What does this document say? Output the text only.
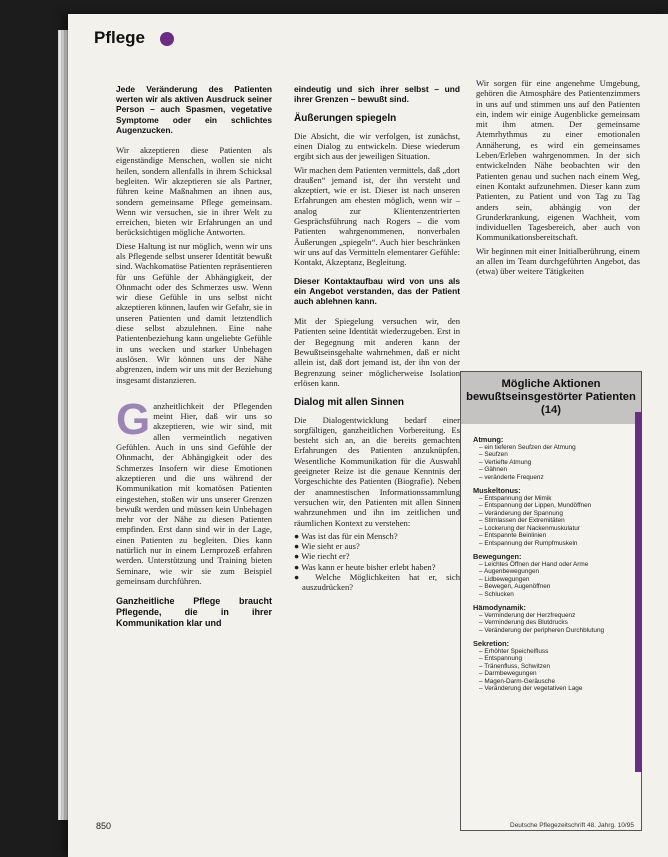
Pflege
Jede Veränderung des Patienten werten wir als aktiven Ausdruck seiner Person – auch Spasmen, vegetative Symptome oder ein schlichtes Augenzucken.

Wir akzeptieren diese Patienten als eigenständige Menschen, wollen sie nicht heilen, sondern allenfalls in ihrem Schicksal begleiten. Wir akzeptieren sie als Partner, führen keine Maßnahmen an ihnen aus, sondern gemeinsame Pflege gemeinsam. Wenn wir versuchen, sie in ihrer Welt zu erreichen, bieten wir Erfahrungen an und berücksichtigen mögliche Antworten.

Diese Haltung ist nur möglich, wenn wir uns als Pflegende selbst unserer Identität bewußt sind. Wachkomatöse Patienten repräsentieren für uns Gefühle der Abhängigkeit, der Ohnmacht oder des Schmerzes usw. Wenn wir diese Gefühle in uns selbst nicht akzeptieren können, laufen wir Gefahr, sie in unseren Patienten und damit letztendlich diese selbst abzulehnen. Eine nahe Patientenbeziehung kann ungeliebte Gefühle in uns wecken und starker Unbehagen auslösen. Wir können uns der Nähe abgrenzen, indem wir uns mit der Beziehung insgesamt distanzieren.

G anzheitlichkeit der Pflegenden meint Hier, daß wir uns so akzeptieren, wie wir sind, mit allen vermeintlich negativen Gefühlen. Auch in uns sind Gefühle der Ohnmacht, der Abhängigkeit oder des Schmerzes Insofern wir diese Emotionen akzeptieren und die uns während der Kommunikation mit komatösen Patienten eingestehen, stoßen wir uns unserer Grenzen bewußt werden und müssen kein Unbehagen mehr vor der Nähe zu diesen Patienten empfinden. Erst dann sind wir in der Lage, einen Patienten zu begleiten. Dies kann natürlich nur in einem Lernprozeß erfahren werden. Unterstützung und Training bieten Seminare, wie wir sie zum Beispiel gemeinsam durchführen.
Ganzheitliche Pflege braucht Pflegende, die in ihrer Kommunikation klar und
eindeutig und sich ihrer selbst – und ihrer Grenzen – bewußt sind.
Äußerungen spiegeln

Die Absicht, die wir verfolgen, ist zunächst, einen Dialog zu entwickeln. Diese wiederum ergibt sich aus der jeweiligen Situation.

Wir machen dem Patienten vermittels, daß „dort draußen“ jemand ist, der ihn versteht und akzeptiert, wie er ist. Dieser ist nach unseren Erfahrungen am ehesten möglich, wenn wir – analog zur Klientenzentrierten Gesprächsführung nach Rogers – die vom Patienten wahrgenommenen, nonverbalen Äußerungen „spiegeln“. Auch hier beschränken wir uns auf das Vermitteln elementarer Gefühle: Kontakt, Akzeptanz, Begleitung.

Dieser Kontaktaufbau wird von uns als ein Angebot verstanden, das der Patient auch ablehnen kann.

Mit der Spiegelung versuchen wir, den Patienten seine Identität wiederzugeben. Erst in der Begegnung mit anderen kann der Bewußtseinsgehalte wahrnehmen, daß er nicht allein ist, daß dort jemand ist, der ihn von der Begrenzung seiner möglicherweise Isolation erlösen kann.

Dialog mit allen Sinnen

Die Dialogentwicklung bedarf einer sorgfältigen, ganzheitlichen Vorbereitung. Es besteht sich an, an die bereits gemachten Erfahrungen des Patienten anzuknüpfen. Wesentliche Kommunikation für die Auswahl geeigneter Reize ist die genaue Kenntnis der Vorgeschichte des Patienten (Biografie). Neben der anamnestischen Informationssammlung versuchen wir, den Patienten mit allen Sinnen wahrzunehmen und ihn im zeitlichen und räumlichen Kontext zu verstehen:

● Was ist das für ein Mensch?
● Wie sieht er aus?
● Wie riecht er?
● Was kann er heute bisher erlebt haben?
● Welche Möglichkeiten hat er, sich auszudrücken?

Wir sorgen für eine angenehme Umgebung, gehören die Atmosphäre des Patientenzimmers in uns auf und stimmen uns auf den Patienten ein, indem wir einige Augenblicke gemeinsam mit ihm atmen. Der gemeinsame Atemrhythmus zu einer emotionalen Annäherung, es wird ein gemeinsames Leben/Erleben wahrgenommen. In der sich entwickelnden Nähe beobachten wir den Patienten genau und suchen nach einem Weg, einen Kontakt aufzunehmen. Dieser kann zum Patienten, zu Patient und von Tag zu Tag anders sein, abhängig von der Grunderkrankung, eigenen Wachheit, vom individuellen Tagesbereich, aber auch von Kommunikationsbereitschaft.

Wir beginnen mit einer Initialberührung, einem an allen im Team durchgeführten Angebot, das (etwa) über weitere Tätigkeiten

Mögliche Aktionen bewußtseinsgestörter Patienten (14)
Atmung:
– ein tieferen Seufzen der Atmung
– Seufzen
– Vertiefte Atmung
– Gähnen
– veränderte Frequenz
Muskeltonus:
– Entspannung der Mimik
– Entspannung der Lippen, Mundöffnen
– Veränderung der Spannung
– Stirnlassen der Extremitäten
– Lockerung der Nackenmuskulatur
– Entspannte Beinlinien
– Entspannung der Rumpfmuskeln
Bewegungen:
– Leichtes Öffnen der Hand oder Arme
– Augenbewegungen
– Lidbewegungen
– Bewegen, Augenöffnen
– Schlucken
Hämodynamik:
– Verminderung der Herzfrequenz
– Verminderung des Blutdrucks
– Veränderung der peripheren Durchblutung
Sekretion:
– Erhöhter Speichelfluss
– Entspannung
– Tränenfluss, Schwitzen
– Darmbewegungen
– Magen-Darm-Geräusche
– Veränderung der vegetativen Lage
850	Deutsche Pflegezeitschrift 48. Jahrg. 10/95
